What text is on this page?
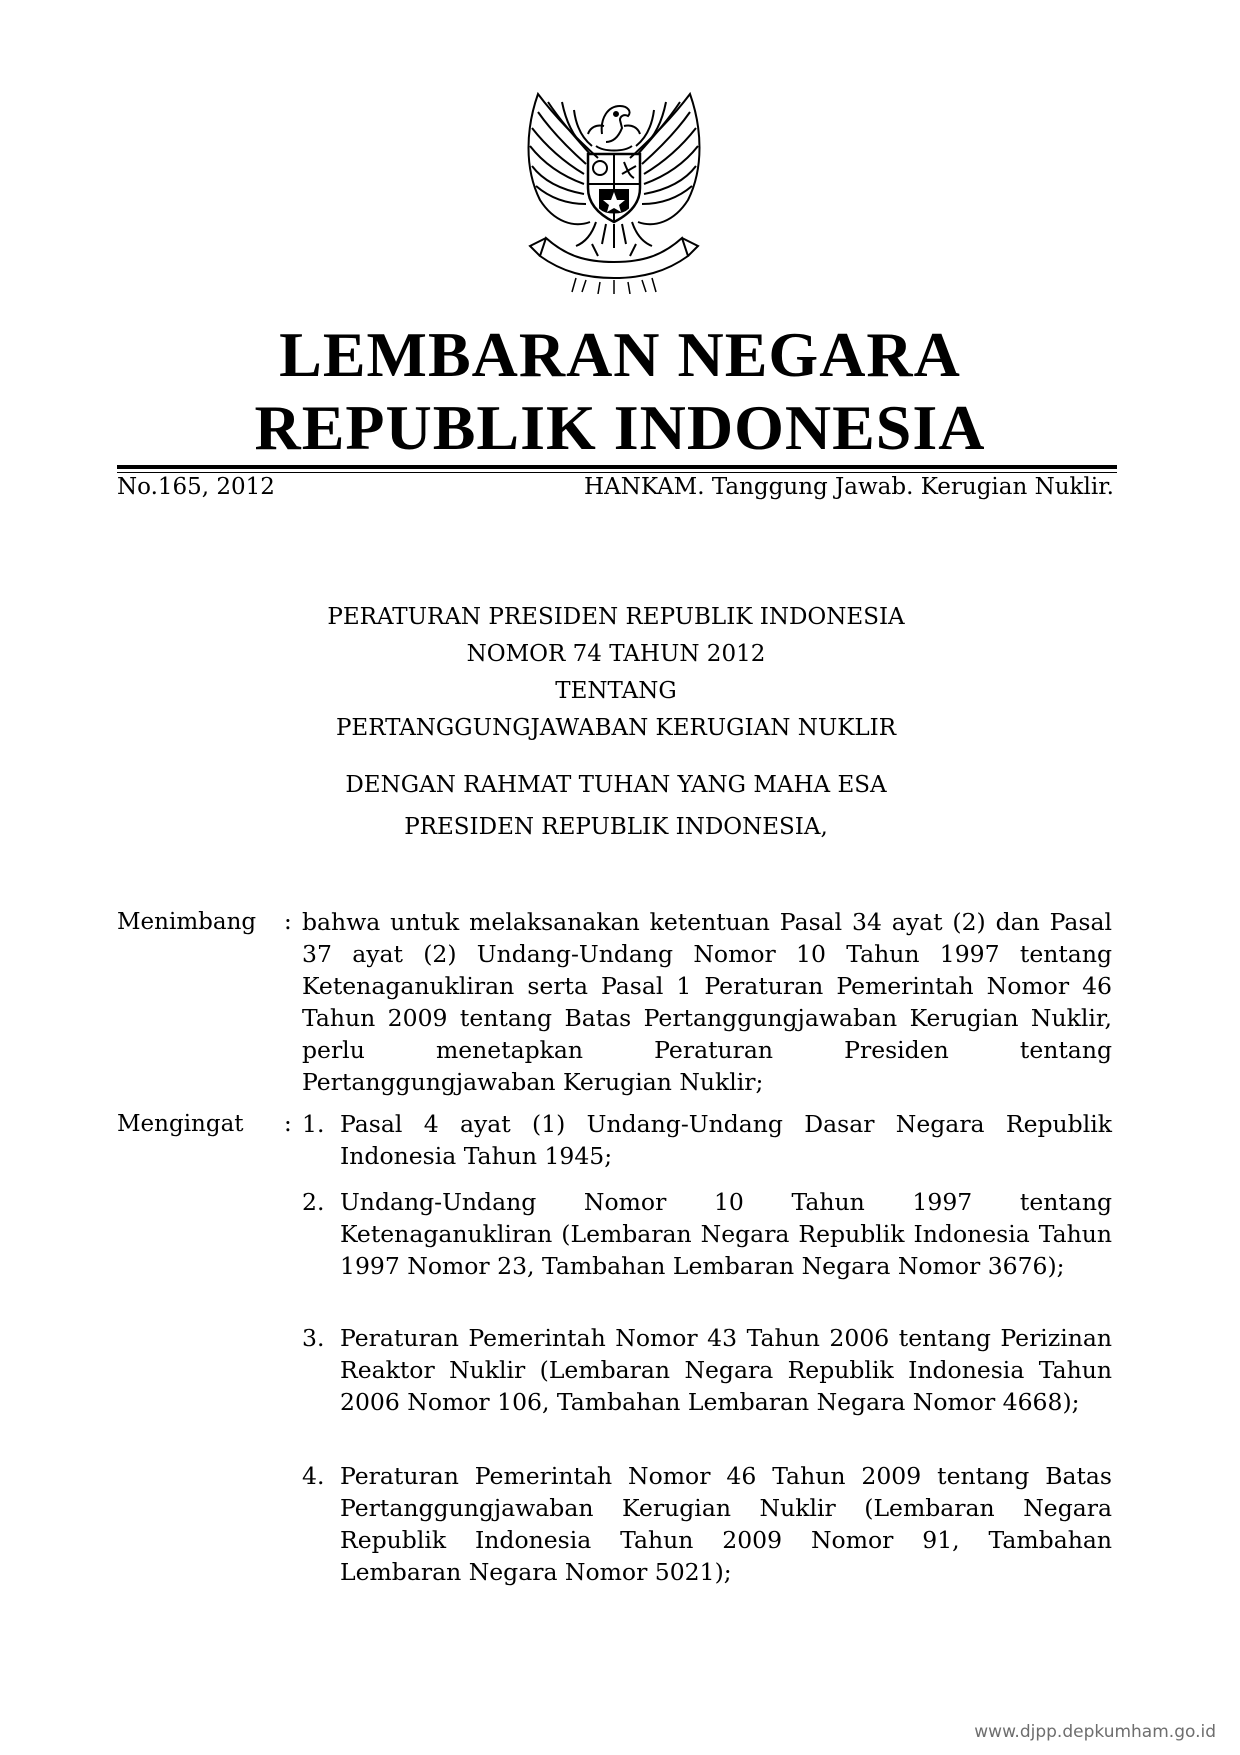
LEMBARAN NEGARA
REPUBLIK INDONESIA
No.165, 2012	HANKAM. Tanggung Jawab. Kerugian Nuklir.
PERATURAN PRESIDEN REPUBLIK INDONESIA
NOMOR 74 TAHUN 2012
TENTANG
PERTANGGUNGJAWABAN KERUGIAN NUKLIR
DENGAN RAHMAT TUHAN YANG MAHA ESA
PRESIDEN REPUBLIK INDONESIA,
Menimbang : bahwa untuk melaksanakan ketentuan Pasal 34 ayat (2) dan Pasal 37 ayat (2) Undang-Undang Nomor 10 Tahun 1997 tentang Ketenaganukliran serta Pasal 1 Peraturan Pemerintah Nomor 46 Tahun 2009 tentang Batas Pertanggungjawaban Kerugian Nuklir, perlu menetapkan Peraturan Presiden tentang Pertanggungjawaban Kerugian Nuklir;
Mengingat : 1. Pasal 4 ayat (1) Undang-Undang Dasar Negara Republik Indonesia Tahun 1945;
2. Undang-Undang Nomor 10 Tahun 1997 tentang Ketenaganukliran (Lembaran Negara Republik Indonesia Tahun 1997 Nomor 23, Tambahan Lembaran Negara Nomor 3676);
3. Peraturan Pemerintah Nomor 43 Tahun 2006 tentang Perizinan Reaktor Nuklir (Lembaran Negara Republik Indonesia Tahun 2006 Nomor 106, Tambahan Lembaran Negara Nomor 4668);
4. Peraturan Pemerintah Nomor 46 Tahun 2009 tentang Batas Pertanggungjawaban Kerugian Nuklir (Lembaran Negara Republik Indonesia Tahun 2009 Nomor 91, Tambahan Lembaran Negara Nomor 5021);
www.djpp.depkumham.go.id
